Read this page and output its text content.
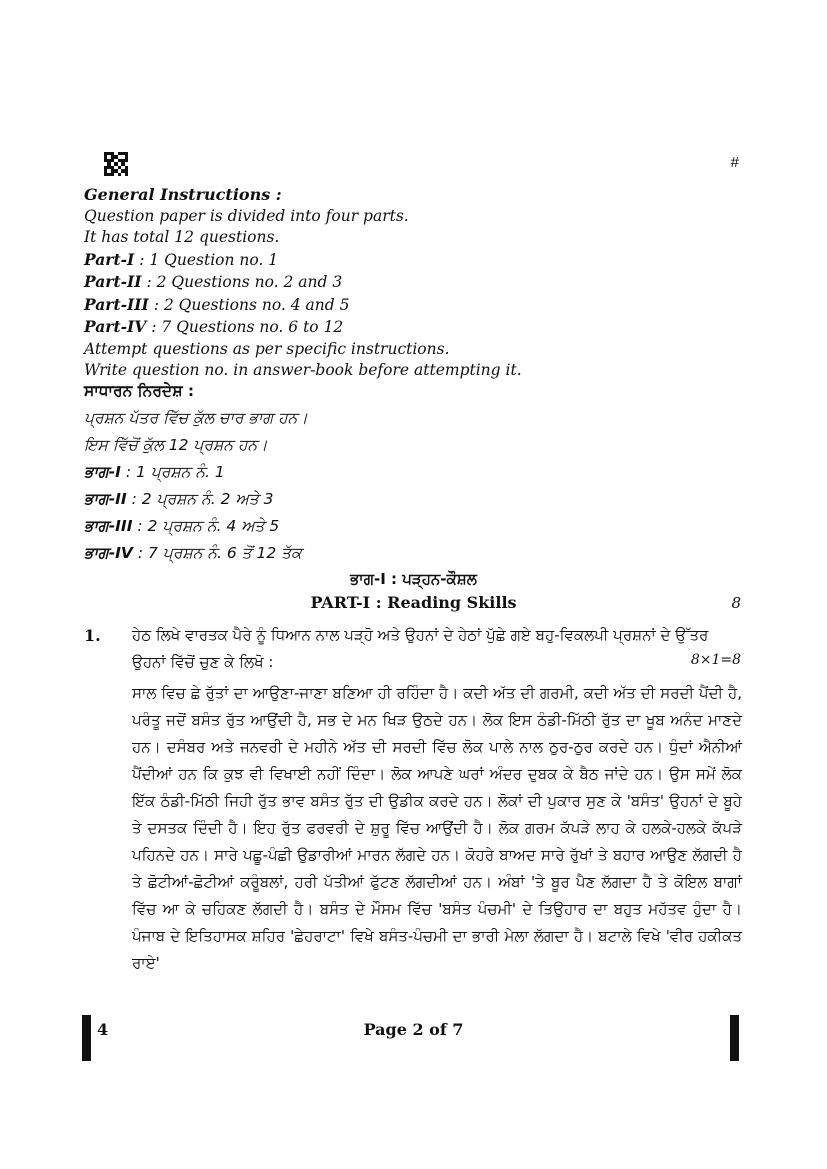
#
General Instructions :
Question paper is divided into four parts.
It has total 12 questions.
Part-I : 1 Question no. 1
Part-II : 2 Questions no. 2 and 3
Part-III : 2 Questions no. 4 and 5
Part-IV : 7 Questions no. 6 to 12
Attempt questions as per specific instructions.
Write question no. in answer-book before attempting it.
ਸਾਧਾਰਨ ਨਿਰਦੇਸ਼ :
ਪ੍ਰਸ਼ਨ ਪੱਤਰ ਵਿੱਚ ਕੁੱਲ ਚਾਰ ਭਾਗ ਹਨ।
ਇਸ ਵਿੱਚੋਂ ਕੁੱਲ 12 ਪ੍ਰਸ਼ਨ ਹਨ।
ਭਾਗ-I : 1 ਪ੍ਰਸ਼ਨ ਨੰ. 1
ਭਾਗ-II : 2 ਪ੍ਰਸ਼ਨ ਨੰ. 2 ਅਤੇ 3
ਭਾਗ-III : 2 ਪ੍ਰਸ਼ਨ ਨੰ. 4 ਅਤੇ 5
ਭਾਗ-IV : 7 ਪ੍ਰਸ਼ਨ ਨੰ. 6 ਤੋਂ 12 ਤੱਕ
ਭਾਗ-I : ਪੜ੍ਹਨ-ਕੌਸ਼ਲ
PART-I : Reading Skills	8
1. ਹੇਠ ਲਿਖੇ ਵਾਰਤਕ ਪੈਰੇ ਨੂੰ ਧਿਆਨ ਨਾਲ ਪੜ੍ਹੋ ਅਤੇ ਉਹਨਾਂ ਦੇ ਹੇਠਾਂ ਪੁੱਛੇ ਗਏ ਬਹੁ-ਵਿਕਲਪੀ ਪ੍ਰਸ਼ਨਾਂ ਦੇ ਉੱਤਰ ਉਹਨਾਂ ਵਿੱਚੋਂ ਚੁਣ ਕੇ ਲਿਖੋ :	8×1=8
ਸਾਲ ਵਿਚ ਛੇ ਰੁੱਤਾਂ ਦਾ ਆਉਣਾ-ਜਾਣਾ ਬਣਿਆ ਹੀ ਰਹਿੰਦਾ ਹੈ। ਕਦੀ ਅੱਤ ਦੀ ਗਰਮੀ, ਕਦੀ ਅੱਤ ਦੀ ਸਰਦੀ ਪੈਂਦੀ ਹੈ, ਪਰੰਤੂ ਜਦੋਂ ਬਸੰਤ ਰੁੱਤ ਆਉਂਦੀ ਹੈ, ਸਭ ਦੇ ਮਨ ਖਿੜ ਉਠਦੇ ਹਨ। ਲੋਕ ਇਸ ਠੰਡੀ-ਮਿੱਠੀ ਰੁੱਤ ਦਾ ਖੂਬ ਅਨੰਦ ਮਾਣਦੇ ਹਨ। ਦਸੰਬਰ ਅਤੇ ਜਨਵਰੀ ਦੇ ਮਹੀਨੇ ਅੱਤ ਦੀ ਸਰਦੀ ਵਿੱਚ ਲੋਕ ਪਾਲੇ ਨਾਲ ਠੁਰ-ਠੁਰ ਕਰਦੇ ਹਨ। ਧੁੰਦਾਂ ਐਨੀਆਂ ਪੈਂਦੀਆਂ ਹਨ ਕਿ ਕੁਝ ਵੀ ਵਿਖਾਈ ਨਹੀਂ ਦਿੰਦਾ। ਲੋਕ ਆਪਣੇ ਘਰਾਂ ਅੰਦਰ ਦੁਬਕ ਕੇ ਬੈਠ ਜਾਂਦੇ ਹਨ। ਉਸ ਸਮੇਂ ਲੋਕ ਇੱਕ ਠੰਡੀ-ਮਿੱਠੀ ਜਿਹੀ ਰੁੱਤ ਭਾਵ ਬਸੰਤ ਰੁੱਤ ਦੀ ਉਡੀਕ ਕਰਦੇ ਹਨ। ਲੋਕਾਂ ਦੀ ਪੁਕਾਰ ਸੁਣ ਕੇ 'ਬਸੰਤ' ਉਹਨਾਂ ਦੇ ਬੂਹੇ ਤੇ ਦਸਤਕ ਦਿੰਦੀ ਹੈ। ਇਹ ਰੁੱਤ ਫਰਵਰੀ ਦੇ ਸ਼ੁਰੂ ਵਿੱਚ ਆਉਂਦੀ ਹੈ। ਲੋਕ ਗਰਮ ਕੱਪੜੇ ਲਾਹ ਕੇ ਹਲਕੇ-ਹਲਕੇ ਕੱਪੜੇ ਪਹਿਨਦੇ ਹਨ। ਸਾਰੇ ਪਛੂ-ਪੰਛੀ ਉਡਾਰੀਆਂ ਮਾਰਨ ਲੱਗਦੇ ਹਨ। ਕੋਹਰੇ ਬਾਅਦ ਸਾਰੇ ਰੁੱਖਾਂ ਤੇ ਬਹਾਰ ਆਉਣ ਲੱਗਦੀ ਹੈ ਤੇ ਛੋਟੀਆਂ-ਛੋਟੀਆਂ ਕਰੂੰਬਲਾਂ, ਹਰੀ ਪੱਤੀਆਂ ਫੁੱਟਣ ਲੱਗਦੀਆਂ ਹਨ। ਅੰਬਾਂ 'ਤੇ ਬੂਰ ਪੈਣ ਲੱਗਦਾ ਹੈ ਤੇ ਕੋਇਲ ਬਾਗਾਂ ਵਿੱਚ ਆ ਕੇ ਚਹਿਕਣ ਲੱਗਦੀ ਹੈ। ਬਸੰਤ ਦੇ ਮੌਸਮ ਵਿੱਚ 'ਬਸੰਤ ਪੰਚਮੀ' ਦੇ ਤਿਉਹਾਰ ਦਾ ਬਹੁਤ ਮਹੱਤਵ ਹੁੰਦਾ ਹੈ। ਪੰਜਾਬ ਦੇ ਇਤਿਹਾਸਕ ਸ਼ਹਿਰ 'ਛੇਹਰਾਟਾ' ਵਿਖੇ ਬਸੰਤ-ਪੰਚਮੀ ਦਾ ਭਾਰੀ ਮੇਲਾ ਲੱਗਦਾ ਹੈ। ਬਟਾਲੇ ਵਿਖੇ 'ਵੀਰ ਹਕੀਕਤ ਰਾਏ'
4	Page 2 of 7
